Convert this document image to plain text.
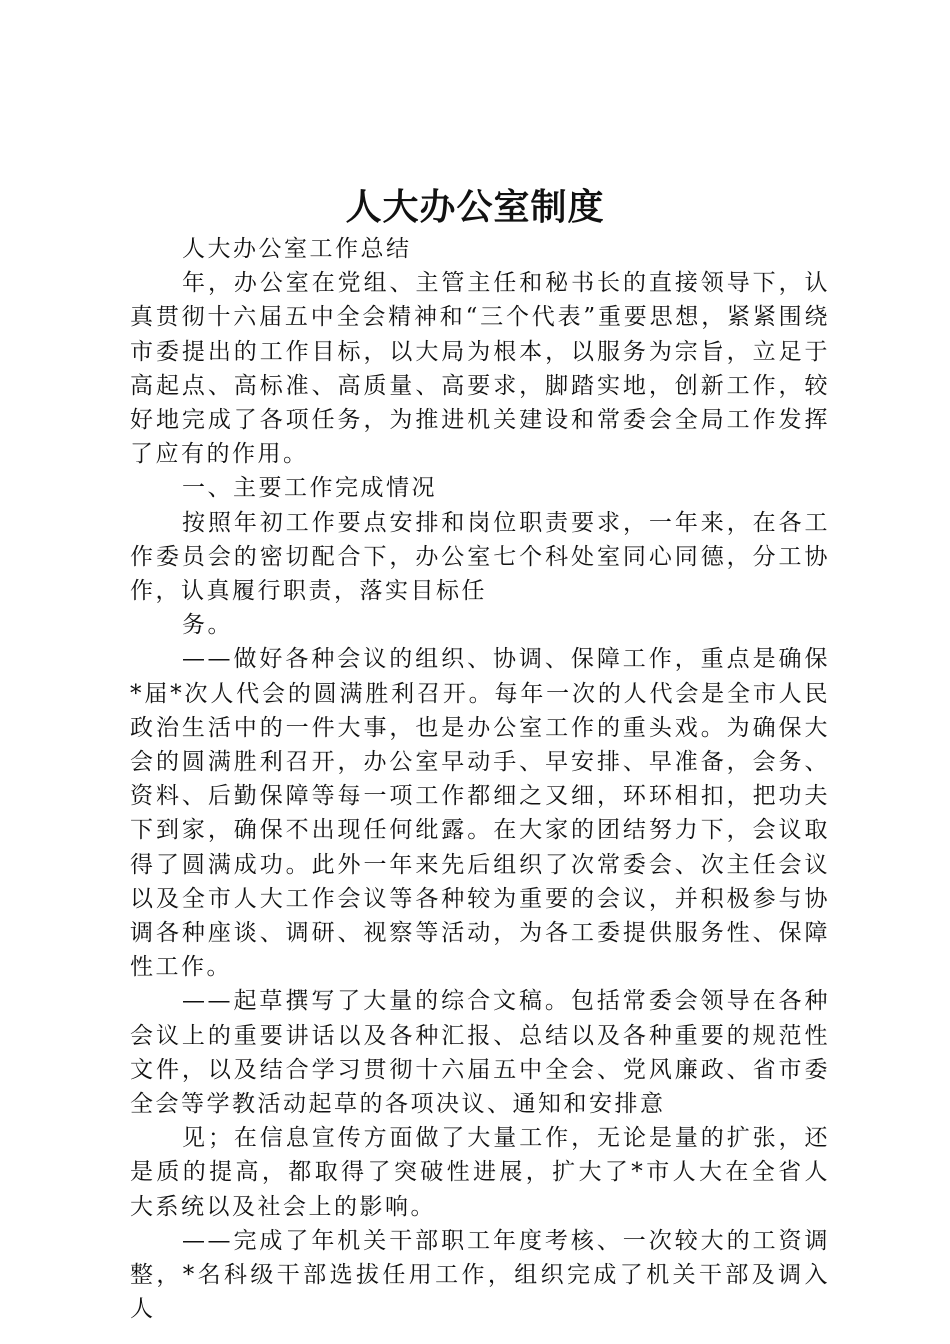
人大办公室制度

人大办公室工作总结

年，办公室在党组、主管主任和秘书长的直接领导下，认真贯彻十六届五中全会精神和“三个代表”重要思想，紧紧围绕市委提出的工作目标，以大局为根本，以服务为宗旨，立足于高起点、高标准、高质量、高要求，脚踏实地，创新工作，较好地完成了各项任务，为推进机关建设和常委会全局工作发挥了应有的作用。

一、主要工作完成情况

按照年初工作要点安排和岗位职责要求，一年来，在各工作委员会的密切配合下，办公室七个科处室同心同德，分工协作，认真履行职责，落实目标任

务。

——做好各种会议的组织、协调、保障工作，重点是确保*届*次人代会的圆满胜利召开。每年一次的人代会是全市人民政治生活中的一件大事，也是办公室工作的重头戏。为确保大会的圆满胜利召开，办公室早动手、早安排、早准备，会务、资料、后勤保障等每一项工作都细之又细，环环相扣，把功夫下到家，确保不出现任何纰露。在大家的团结努力下，会议取得了圆满成功。此外一年来先后组织了次常委会、次主任会议以及全市人大工作会议等各种较为重要的会议，并积极参与协调各种座谈、调研、视察等活动，为各工委提供服务性、保障性工作。

——起草撰写了大量的综合文稿。包括常委会领导在各种会议上的重要讲话以及各种汇报、总结以及各种重要的规范性文件，以及结合学习贯彻十六届五中全会、党风廉政、省市委全会等学教活动起草的各项决议、通知和安排意

见；在信息宣传方面做了大量工作，无论是量的扩张，还是质的提高，都取得了突破性进展，扩大了*市人大在全省人大系统以及社会上的影响。

——完成了年机关干部职工年度考核、一次较大的工资调整，*名科级干部选拔任用工作，组织完成了机关干部及调入人
